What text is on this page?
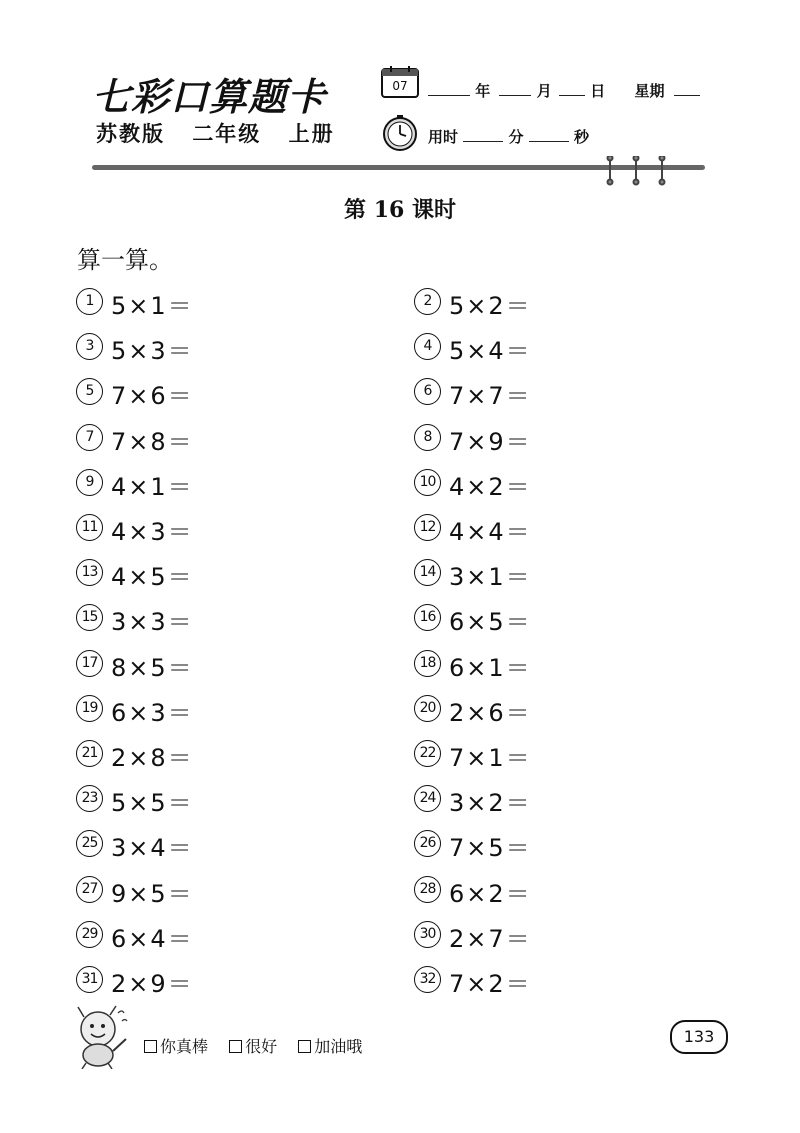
七彩口算题卡
苏教版 二年级 上册
07	年	月	日 星期
用时	分	秒
第 16 课时
算一算。
1 5×1＝	2 5×2＝
3 5×3＝	4 5×4＝
5 7×6＝	6 7×7＝
7 7×8＝	8 7×9＝
9 4×1＝	10 4×2＝
11 4×3＝	12 4×4＝
13 4×5＝	14 3×1＝
15 3×3＝	16 6×5＝
17 8×5＝	18 6×1＝
19 6×3＝	20 2×6＝
21 2×8＝	22 7×1＝
23 5×5＝	24 3×2＝
25 3×4＝	26 7×5＝
27 9×5＝	28 6×2＝
29 6×4＝	30 2×7＝
31 2×9＝	32 7×2＝
你真棒 很好 加油哦
133
